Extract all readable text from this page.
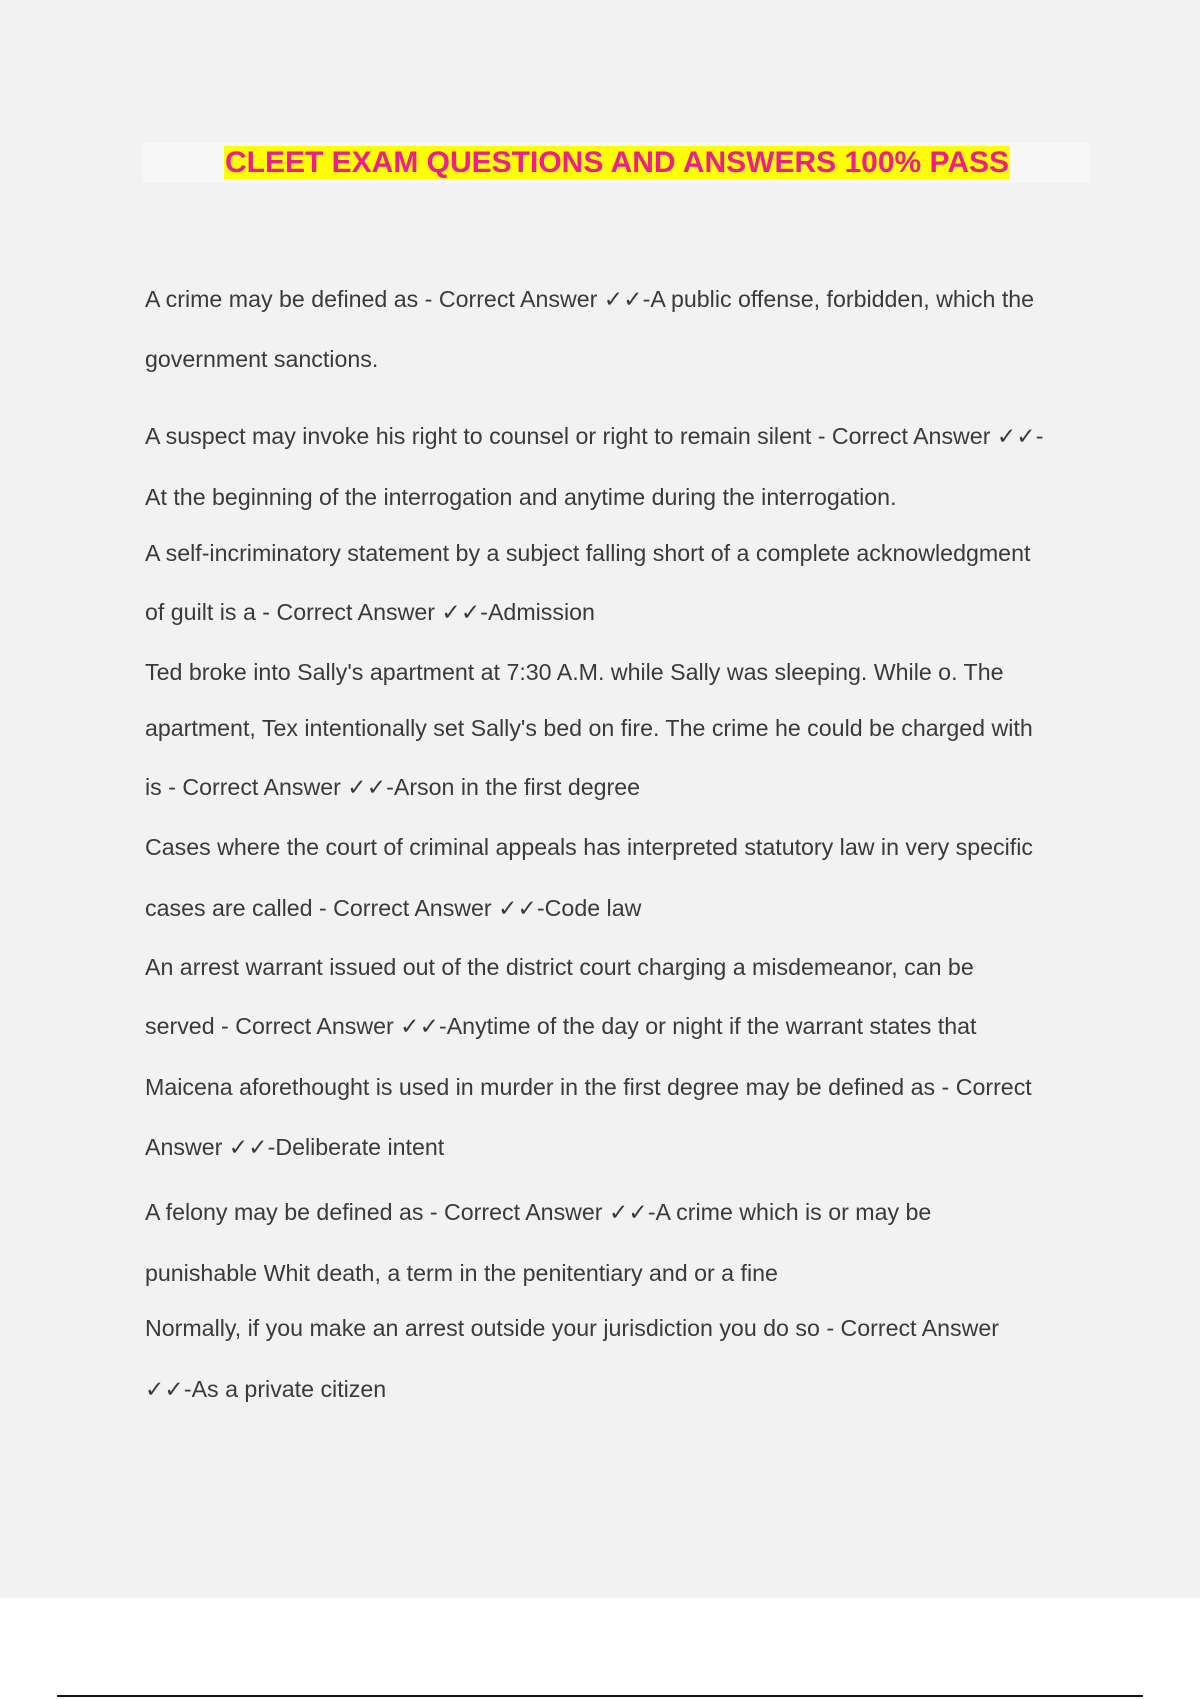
CLEET EXAM QUESTIONS AND ANSWERS 100% PASS

A crime may be defined as - Correct Answer ✓✓-A public offense, forbidden, which the

government sanctions.

A suspect may invoke his right to counsel or right to remain silent - Correct Answer ✓✓-

At the beginning of the interrogation and anytime during the interrogation.

A self-incriminatory statement by a subject falling short of a complete acknowledgment

of guilt is a - Correct Answer ✓✓-Admission

Ted broke into Sally's apartment at 7:30 A.M. while Sally was sleeping. While o. The

apartment, Tex intentionally set Sally's bed on fire. The crime he could be charged with

is - Correct Answer ✓✓-Arson in the first degree

Cases where the court of criminal appeals has interpreted statutory law in very specific

cases are called - Correct Answer ✓✓-Code law

An arrest warrant issued out of the district court charging a misdemeanor, can be

served - Correct Answer ✓✓-Anytime of the day or night if the warrant states that

Maicena aforethought is used in murder in the first degree may be defined as - Correct

Answer ✓✓-Deliberate intent

A felony may be defined as - Correct Answer ✓✓-A crime which is or may be

punishable Whit death, a term in the penitentiary and or a fine

Normally, if you make an arrest outside your jurisdiction you do so - Correct Answer

✓✓-As a private citizen
